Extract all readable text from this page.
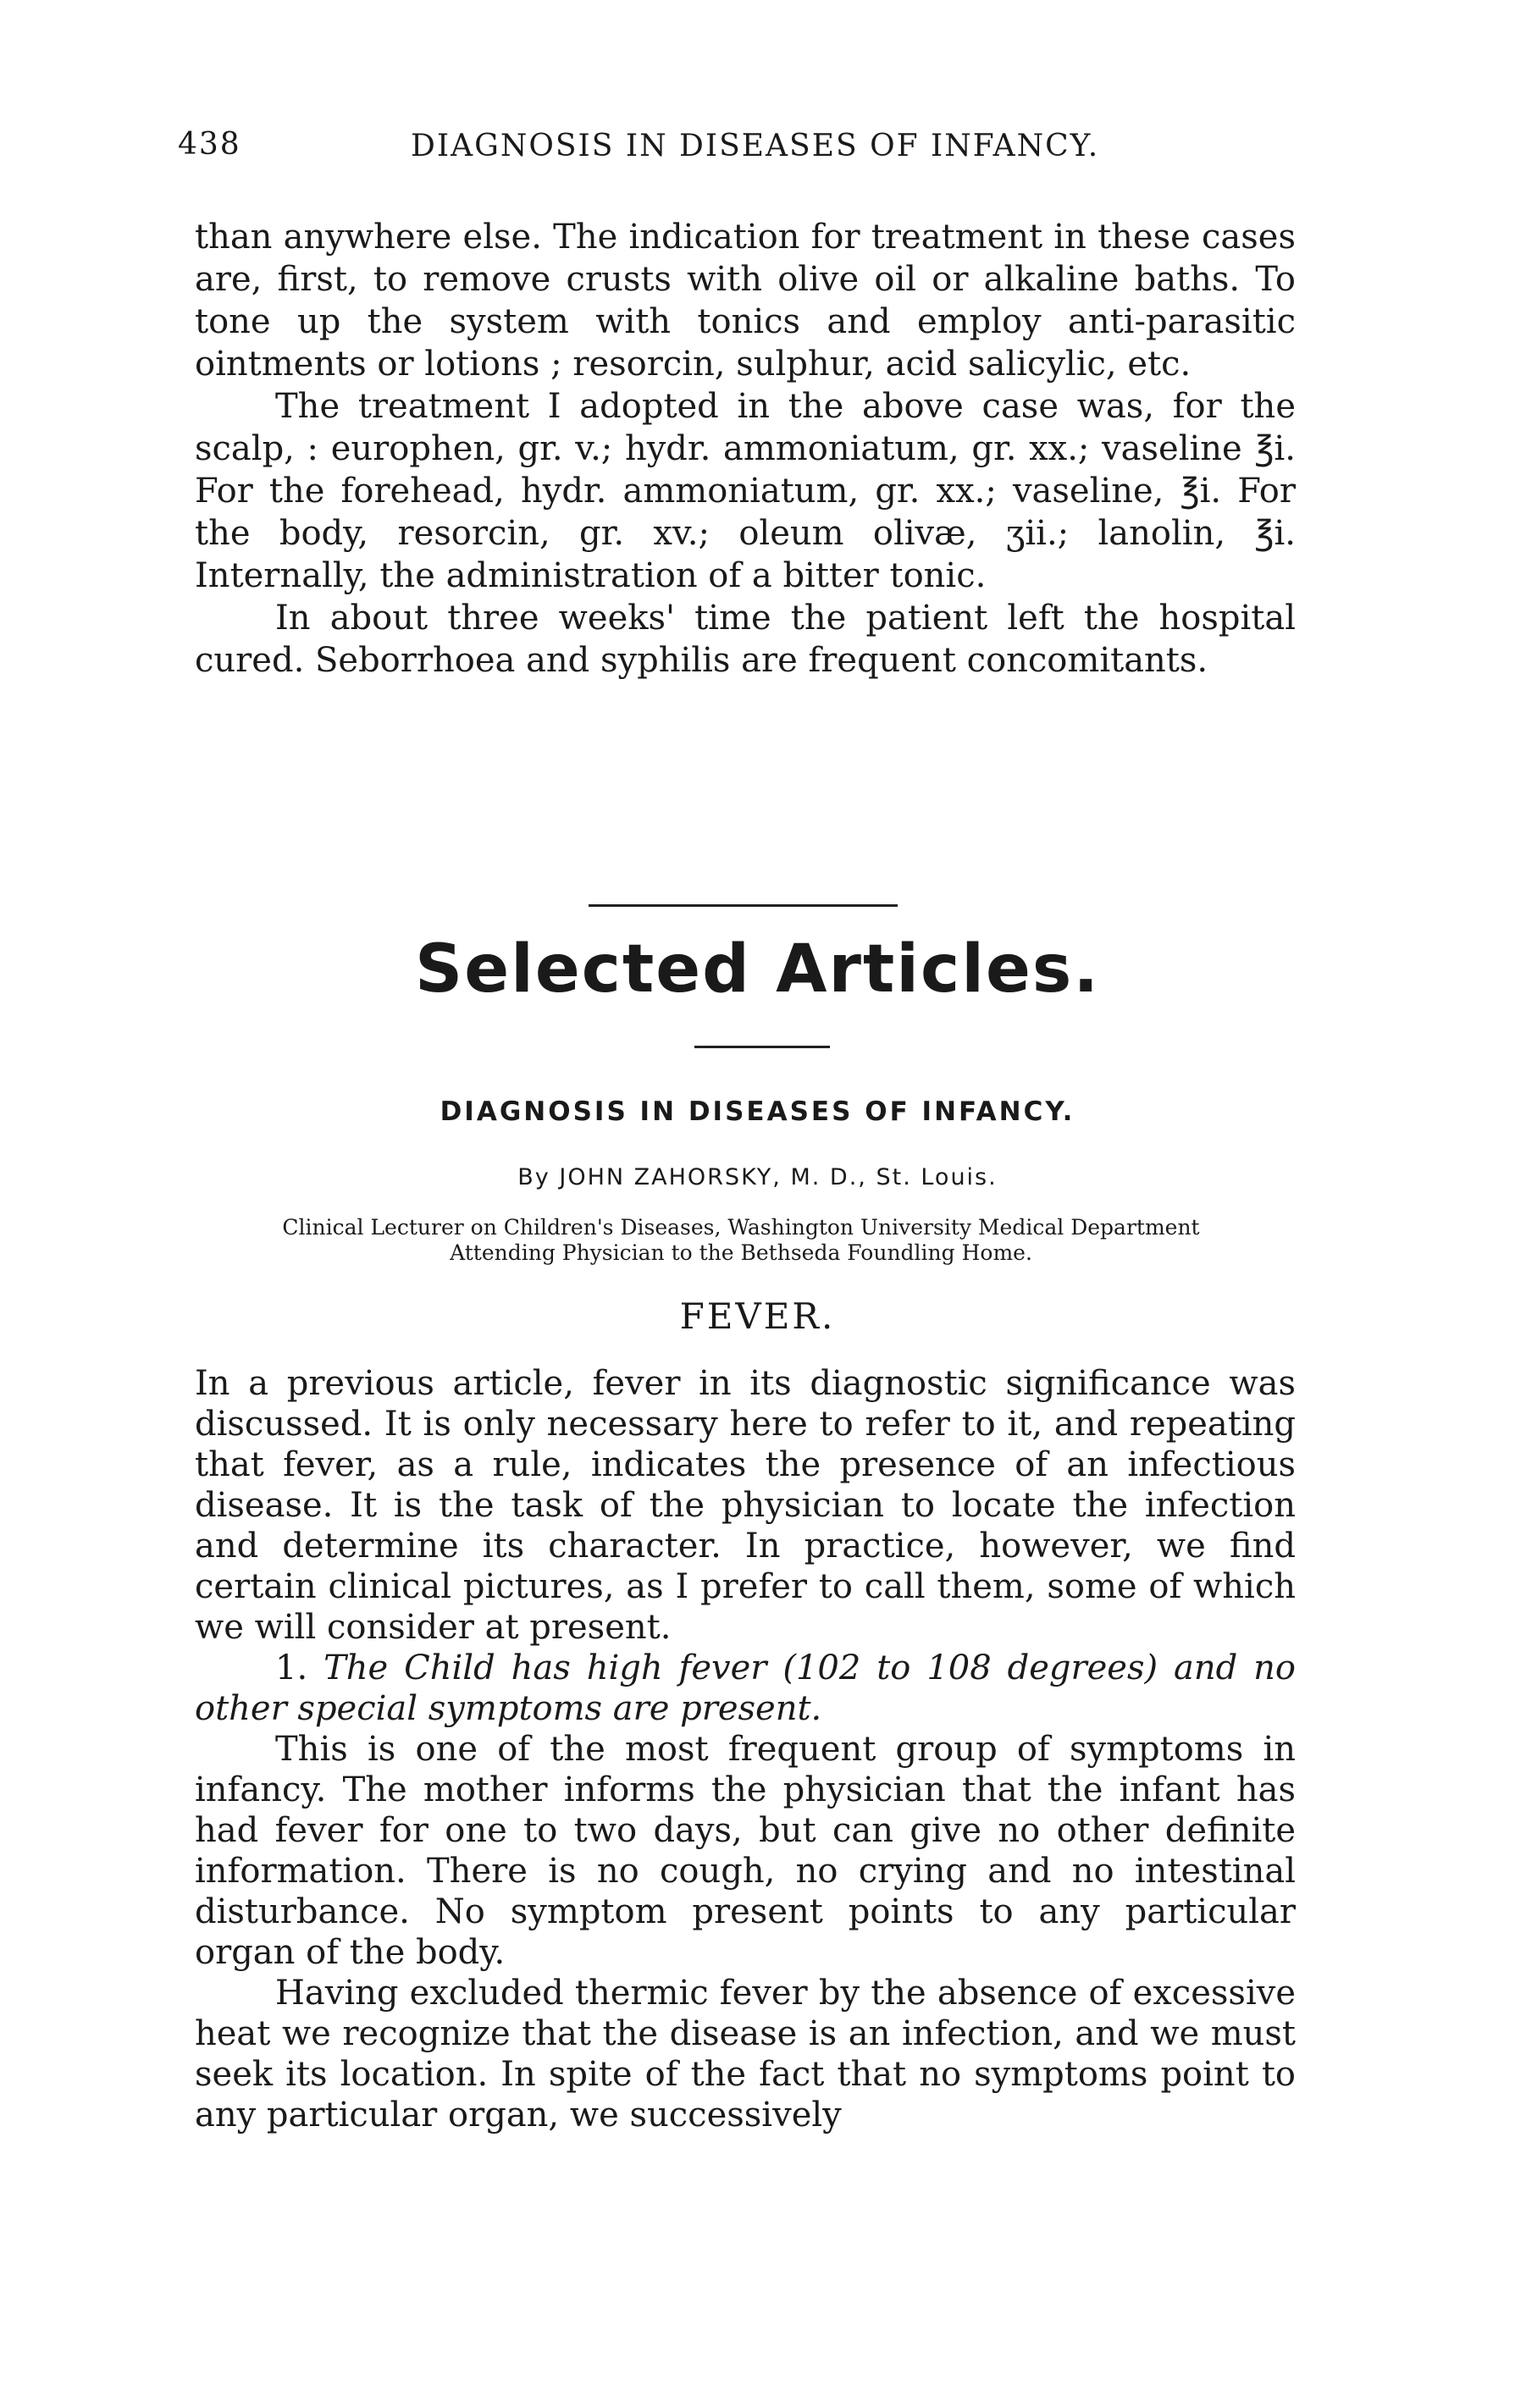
438	DIAGNOSIS IN DISEASES OF INFANCY.

than anywhere else. The indication for treatment in these cases are, first, to remove crusts with olive oil or alkaline baths. To tone up the system with tonics and employ anti-parasitic ointments or lotions ; resorcin, sulphur, acid salicylic, etc.

The treatment I adopted in the above case was, for the scalp, : europhen, gr. v.; hydr. ammoniatum, gr. xx.; vaseline ℥i. For the forehead, hydr. ammoniatum, gr. xx.; vaseline, ℥i. For the body, resorcin, gr. xv.; oleum olivæ, ʒii.; lanolin, ℥i. Internally, the administration of a bitter tonic.

In about three weeks' time the patient left the hospital cured. Seborrhoea and syphilis are frequent concomitants.

Selected Articles.
DIAGNOSIS IN DISEASES OF INFANCY.
By JOHN ZAHORSKY, M. D., St. Louis.
Clinical Lecturer on Children's Diseases, Washington University Medical Department
Attending Physician to the Bethseda Foundling Home.
FEVER.

In a previous article, fever in its diagnostic significance was discussed. It is only necessary here to refer to it, and repeating that fever, as a rule, indicates the presence of an infectious disease. It is the task of the physician to locate the infection and determine its character. In practice, however, we find certain clinical pictures, as I prefer to call them, some of which we will consider at present.

1. The Child has high fever (102 to 108 degrees) and no other special symptoms are present.

This is one of the most frequent group of symptoms in infancy. The mother informs the physician that the infant has had fever for one to two days, but can give no other definite information. There is no cough, no crying and no intestinal disturbance. No symptom present points to any particular organ of the body.

Having excluded thermic fever by the absence of excessive heat we recognize that the disease is an infection, and we must seek its location. In spite of the fact that no symptoms point to any particular organ, we successively
